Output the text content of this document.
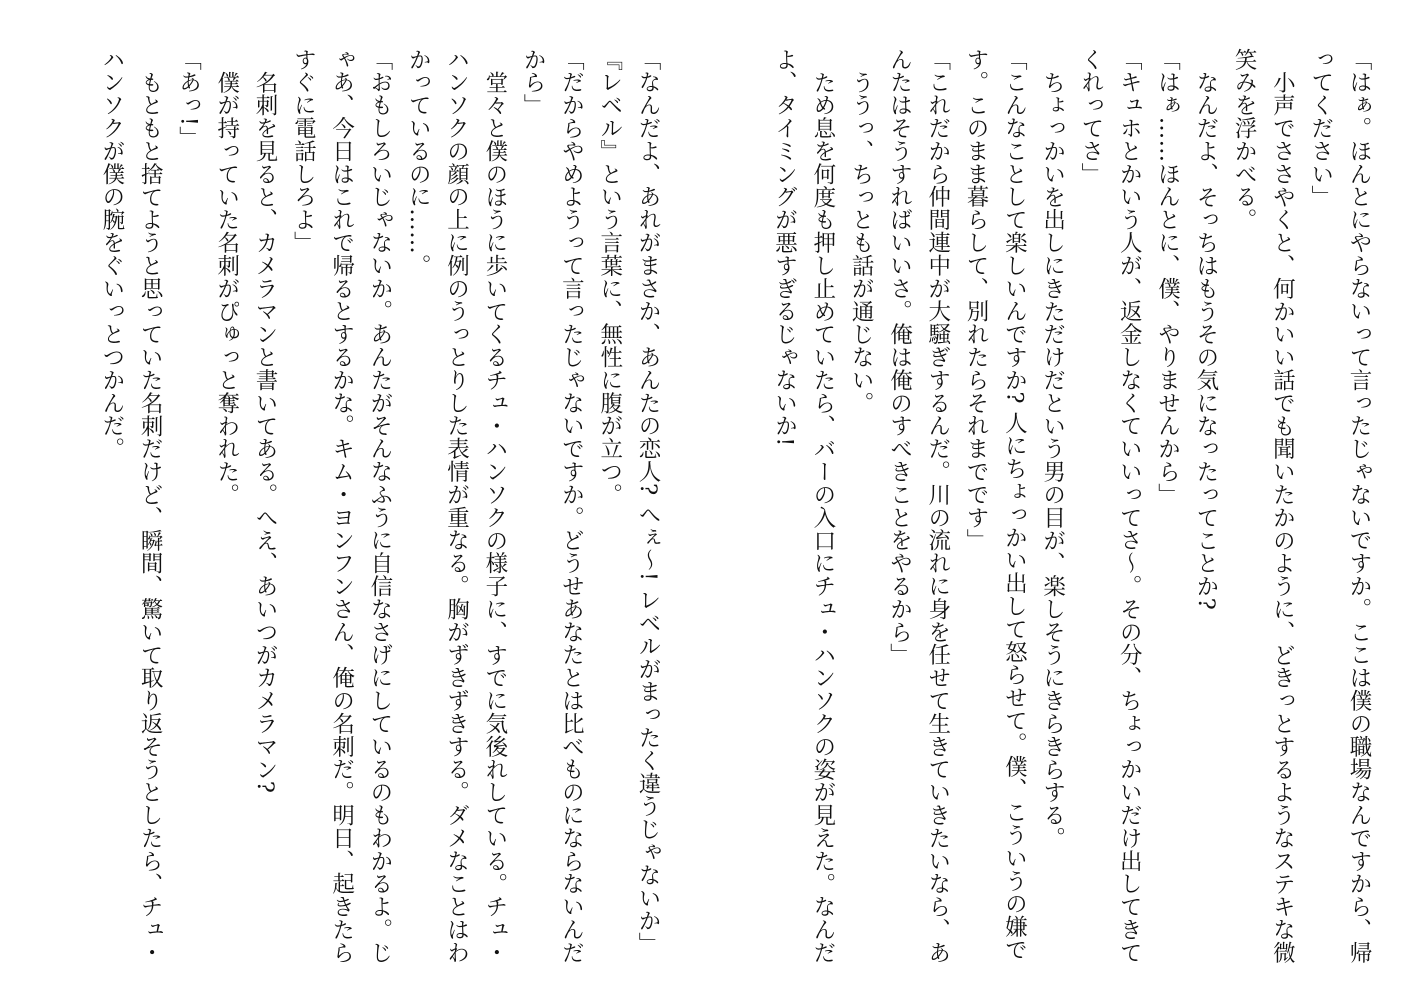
「はぁ。ほんとにやらないって言ったじゃないですか。ここは僕の職場なんですから、帰ってください」

小声でささやくと、何かいい話でも聞いたかのように、どきっとするようなステキな微笑みを浮かべる。

なんだよ、そっちはもうその気になったってことか?

「はぁ……ほんとに、僕、やりませんから」

「キュホとかいう人が、返金しなくていいってさ〜。その分、ちょっかいだけ出してきてくれってさ」

ちょっかいを出しにきただけだという男の目が、楽しそうにきらきらする。

「こんなことして楽しいんですか? 人にちょっかい出して怒らせて。僕、こういうの嫌です。このまま暮らして、別れたらそれまでです」

「これだから仲間連中が大騒ぎするんだ。川の流れに身を任せて生きていきたいなら、あんたはそうすればいいさ。俺は俺のすべきことをやるから」

ううっ、ちっとも話が通じない。

ため息を何度も押し止めていたら、バーの入口にチュ・ハンソクの姿が見えた。なんだよ、タイミングが悪すぎるじゃないか!

「なんだよ、あれがまさか、あんたの恋人? へぇ〜! レベルがまったく違うじゃないか」

『レベル』という言葉に、無性に腹が立つ。

「だからやめようって言ったじゃないですか。どうせあなたとは比べものにならないんだから」

堂々と僕のほうに歩いてくるチュ・ハンソクの様子に、すでに気後れしている。チュ・ハンソクの顔の上に例のうっとりした表情が重なる。胸がずきずきする。ダメなことはわかっているのに……。

「おもしろいじゃないか。あんたがそんなふうに自信なさげにしているのもわかるよ。じゃあ、今日はこれで帰るとするかな。キム・ヨンフンさん、俺の名刺だ。明日、起きたらすぐに電話しろよ」

名刺を見ると、カメラマンと書いてある。へえ、あいつがカメラマン?

僕が持っていた名刺がぴゅっと奪われた。

「あっ!」

もともと捨てようと思っていた名刺だけど、瞬間、驚いて取り返そうとしたら、チュ・ハンソクが僕の腕をぐいっとつかんだ。
